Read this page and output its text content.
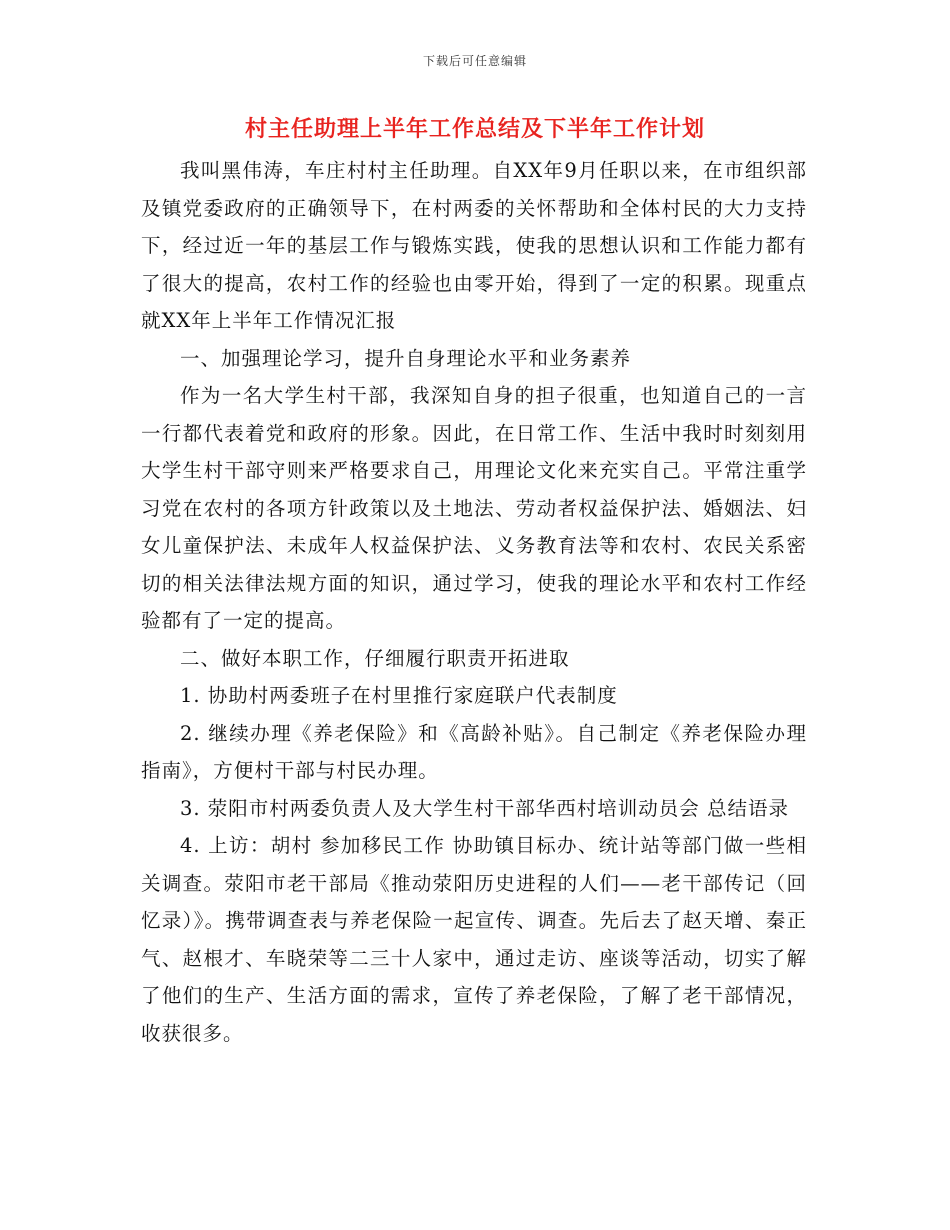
下载后可任意编辑
村主任助理上半年工作总结及下半年工作计划

我叫黑伟涛，车庄村村主任助理。自XX年9月任职以来，在市组织部及镇党委政府的正确领导下，在村两委的关怀帮助和全体村民的大力支持下，经过近一年的基层工作与锻炼实践，使我的思想认识和工作能力都有了很大的提高，农村工作的经验也由零开始，得到了一定的积累。现重点就XX年上半年工作情况汇报

一、加强理论学习，提升自身理论水平和业务素养

作为一名大学生村干部，我深知自身的担子很重，也知道自己的一言一行都代表着党和政府的形象。因此，在日常工作、生活中我时时刻刻用大学生村干部守则来严格要求自己，用理论文化来充实自己。平常注重学习党在农村的各项方针政策以及土地法、劳动者权益保护法、婚姻法、妇女儿童保护法、未成年人权益保护法、义务教育法等和农村、农民关系密切的相关法律法规方面的知识，通过学习，使我的理论水平和农村工作经验都有了一定的提高。

二、做好本职工作，仔细履行职责开拓进取

1. 协助村两委班子在村里推行家庭联户代表制度

2. 继续办理《养老保险》和《高龄补贴》。自己制定《养老保险办理指南》，方便村干部与村民办理。

3. 荥阳市村两委负责人及大学生村干部华西村培训动员会 总结语录

4. 上访：胡村 参加移民工作 协助镇目标办、统计站等部门做一些相关调查。荥阳市老干部局《推动荥阳历史进程的人们——老干部传记（回忆录）》。携带调查表与养老保险一起宣传、调查。先后去了赵天增、秦正气、赵根才、车晓荣等二三十人家中，通过走访、座谈等活动，切实了解了他们的生产、生活方面的需求，宣传了养老保险，了解了老干部情况，收获很多。
